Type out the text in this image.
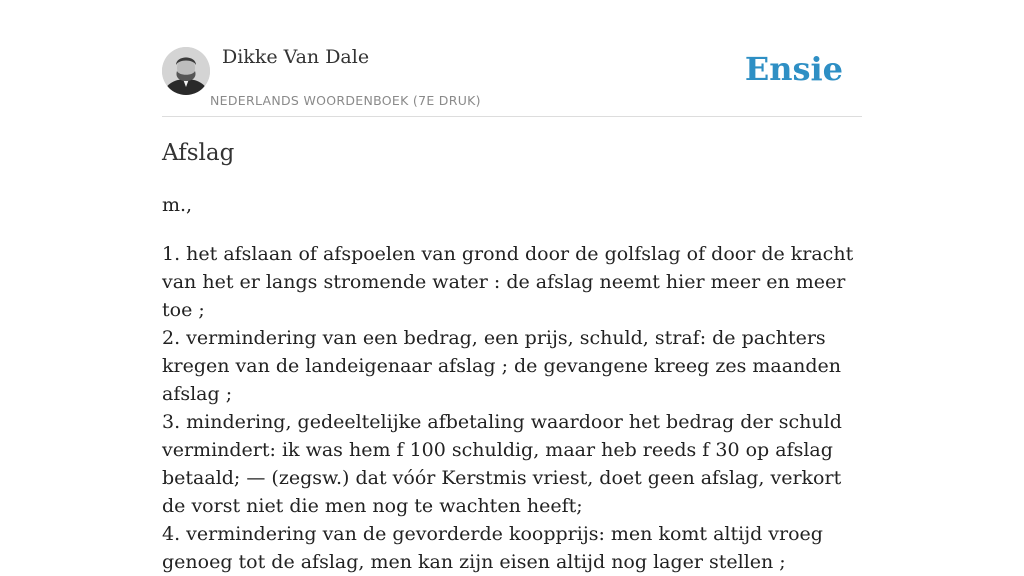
Dikke Van Dale
NEDERLANDS WOORDENBOEK (7E DRUK)
Ensie
Afslag

m.,

1. het afslaan of afspoelen van grond door de golfslag of door de kracht van het er langs stromende water : de afslag neemt hier meer en meer toe ;
2. vermindering van een bedrag, een prijs, schuld, straf: de pachters kregen van de landeigenaar afslag ; de gevangene kreeg zes maanden afslag ;
3. mindering, gedeeltelijke afbetaling waardoor het bedrag der schuld vermindert: ik was hem f 100 schuldig, maar heb reeds f 30 op afslag betaald; — (zegsw.) dat vóór Kerstmis vriest, doet geen afslag, verkort de vorst niet die men nog te wachten heeft;
4. vermindering van de gevorderde koopprijs: men komt altijd vroeg genoeg tot de afslag, men kan zijn eisen altijd nog lager stellen ;
